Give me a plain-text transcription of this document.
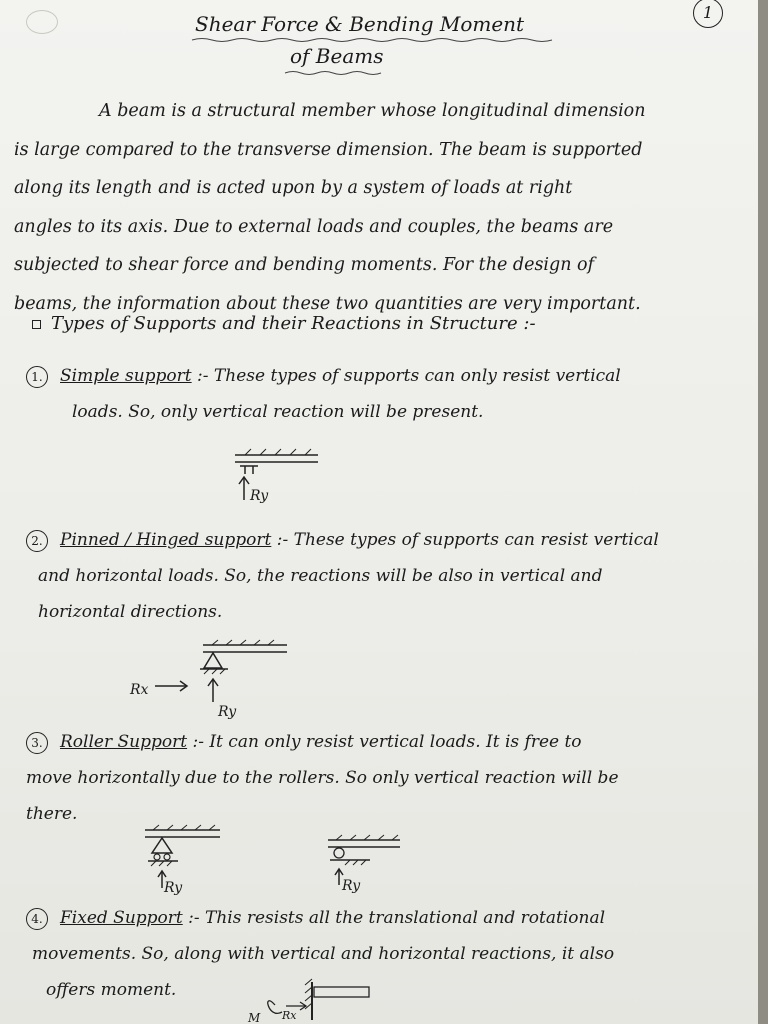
1
Shear Force & Bending Moment
of Beams
A beam is a structural member whose longitudinal dimension
is large compared to the transverse dimension. The beam is supported
along its length and is acted upon by a system of loads at right
angles to its axis. Due to external loads and couples, the beams are
subjected to shear force and bending moments. For the design of
beams, the information about these two quantities are very important.
Types of Supports and their Reactions in Structure :-
1. Simple support :- These types of supports can only resist vertical
loads. So, only vertical reaction will be present.
2. Pinned / Hinged support :- These types of supports can resist vertical
and horizontal loads. So, the reactions will be also in vertical and
horizontal directions.
3. Roller Support :- It can only resist vertical loads. It is free to
move horizontally due to the rollers. So only vertical reaction will be
there.
4. Fixed Support :- This resists all the translational and rotational
movements. So, along with vertical and horizontal reactions, it also
offers moment.
Ry
Rx
Ry
Ry	Ry
M Rx
